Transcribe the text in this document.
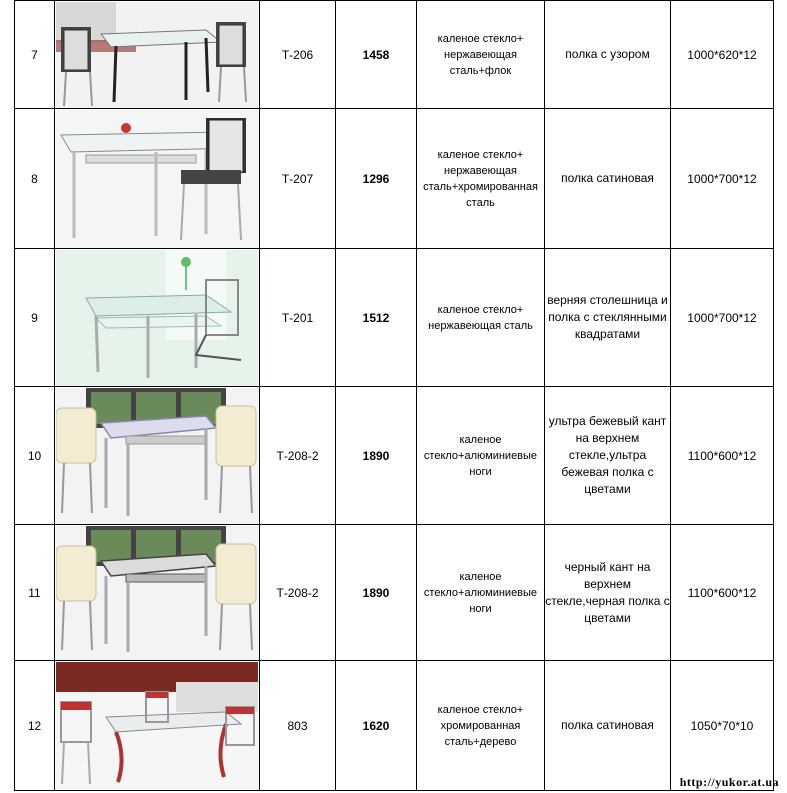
7		Т-206	1458	каленое стекло+ нержавеющая сталь+флок	полка с узором	1000*620*12
8		Т-207	1296	каленое стекло+ нержавеющая сталь+хромированная сталь	полка сатиновая	1000*700*12
9		Т-201	1512	каленое стекло+ нержавеющая сталь	верняя столешница и полка с стеклянными квадратами	1000*700*12
10		Т-208-2	1890	каленое стекло+алюминиевые ноги	ультра бежевый кант на верхнем стекле,ультра бежевая полка с цветами	1100*600*12
11		Т-208-2	1890	каленое стекло+алюминиевые ноги	черный кант на верхнем стекле,черная полка с цветами	1100*600*12
12		803	1620	каленое стекло+ хромированная сталь+дерево	полка сатиновая	1050*70*10
http://yukor.at.ua
